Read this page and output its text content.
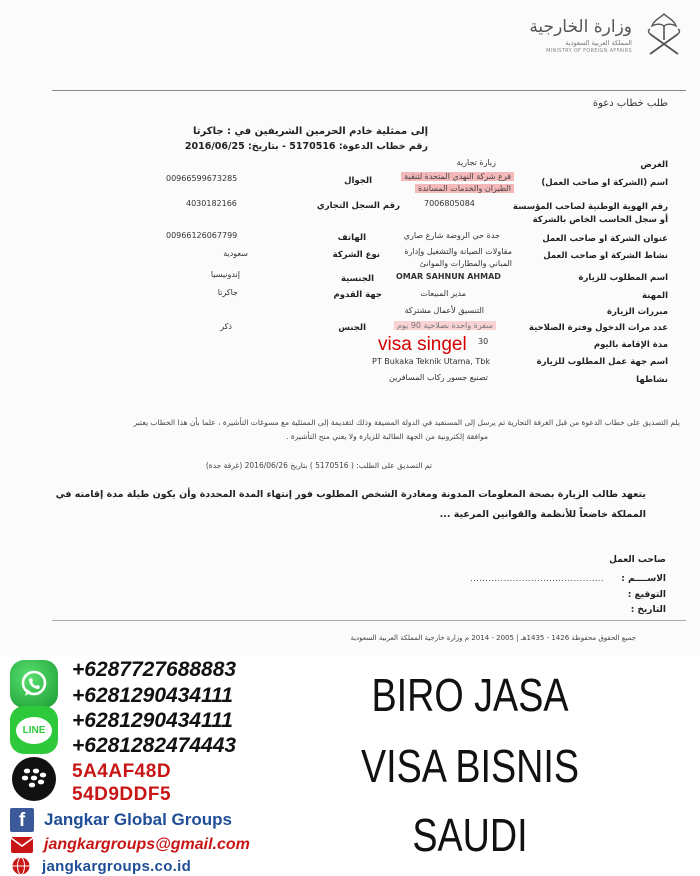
وزارة الخارجية
المملكة العربية السعودية
MINISTRY OF FOREIGN AFFAIRS
طلب خطاب دعوة
إلى ممثلية خادم الحرمين الشريفين في : جاكرتا
رقم خطاب الدعوة: 5170516 - بتاريخ: 2016/06/25
الغرض
زيارة تجارية
اسم (الشركة او صاحب العمل)
فرع شركة النهدي المتحدة لتنقية
الطيران والخدمات المساندة
الجوال
00966599673285
رقم الهوية الوطنية لصاحب المؤسسة
أو سجل الحاسب الخاص بالشركة
7006805084
رقم السجل التجاري
4030182166
عنوان الشركة او صاحب العمل
جدة حي الروضة شارع صاري
الهاتف
00966126067799
نشاط الشركة او صاحب العمل
مقاولات الصيانة والتشغيل وإدارة
المباني والمطارات والموانئ
نوع الشركة
سعودية
اسم المطلوب للزيارة
OMAR SAHNUN AHMAD
الجنسية
إندونيسيا
المهنة
مدير المبيعات
جهة القدوم
جاكرتا
مبررات الزيارة
التنسيق لأعمال مشتركة
عدد مرات الدخول وفترة الصلاحية
سفرة واحدة بصلاحية 90 يوم
الجنس
ذكر
مدة الإقامة باليوم
30
visa singel
اسم جهة عمل المطلوب للزيارة
PT Bukaka Teknik Utama, Tbk
نشاطها
تصنيع جسور ركاب المسافرين
يلم التصديق على خطاب الدعوة من قبل الغرفة التجارية تم يرسل إلى المستفيد في الدولة المضيفة وذلك لتقديمة إلى الممثلية مع مسوغات التأشيرة ، علما بأن هذا الخطاب يعتبر
موافقة إلكترونية من الجهة الطالبة للزيارة ولا يعني منح التأشيرة .
تم التصديق على الطلب: ( 5170516 ) بتاريخ 2016/06/26 (غرفة جدة)
يتعهد طالب الزيارة بصحة المعلومات المدونة ومغادرة الشخص المطلوب فور إنتهاء المدة المحددة وأن يكون طيلة مدة إقامته في
المملكة خاضعاً للأنظمة والقوانين المرعية ...
صاحب العمل
الاســــم :
............................................
التوقيع :
التاريخ :
جميع الحقوق محفوظة 1426 - 1435هـ | 2005 - 2014 م وزارة خارجية المملكة العربية السعودية
LINE
+6287727688883
+6281290434111
+6281290434111
+6281282474443
5A4AF48D
54D9DDF5
f	Jangkar Global Groups
jangkargroups@gmail.com
jangkargroups.co.id
BIRO JASA
VISA BISNIS
SAUDI
